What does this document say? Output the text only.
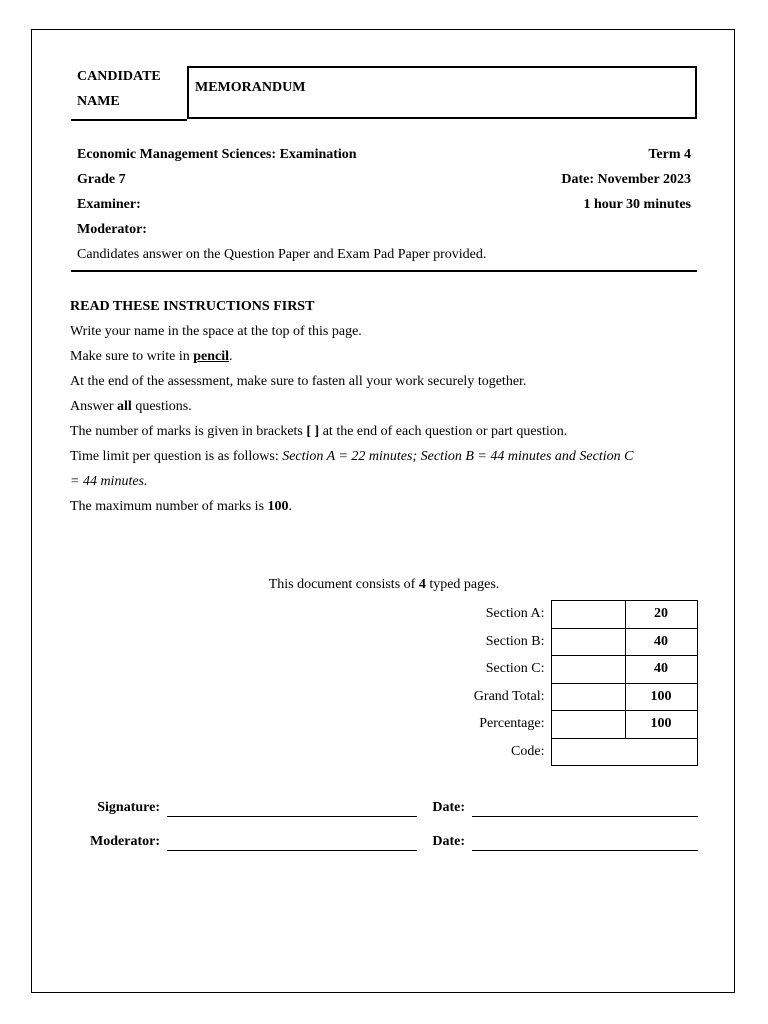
CANDIDATE
NAME
MEMORANDUM
Economic Management Sciences: Examination	Term 4
Grade 7	Date: November 2023
Examiner:	1 hour 30 minutes
Moderator:
Candidates answer on the Question Paper and Exam Pad Paper provided.
READ THESE INSTRUCTIONS FIRST
Write your name in the space at the top of this page.
Make sure to write in pencil.
At the end of the assessment, make sure to fasten all your work securely together.
Answer all questions.
The number of marks is given in brackets [ ] at the end of each question or part question.
Time limit per question is as follows: Section A = 22 minutes; Section B = 44 minutes and Section C
= 44 minutes.
The maximum number of marks is 100.
This document consists of 4 typed pages.
Section A:		20
Section B:		40
Section C:		40
Grand Total:		100
Percentage:		100
Code:		
Signature:	Date:
Moderator:	Date:
